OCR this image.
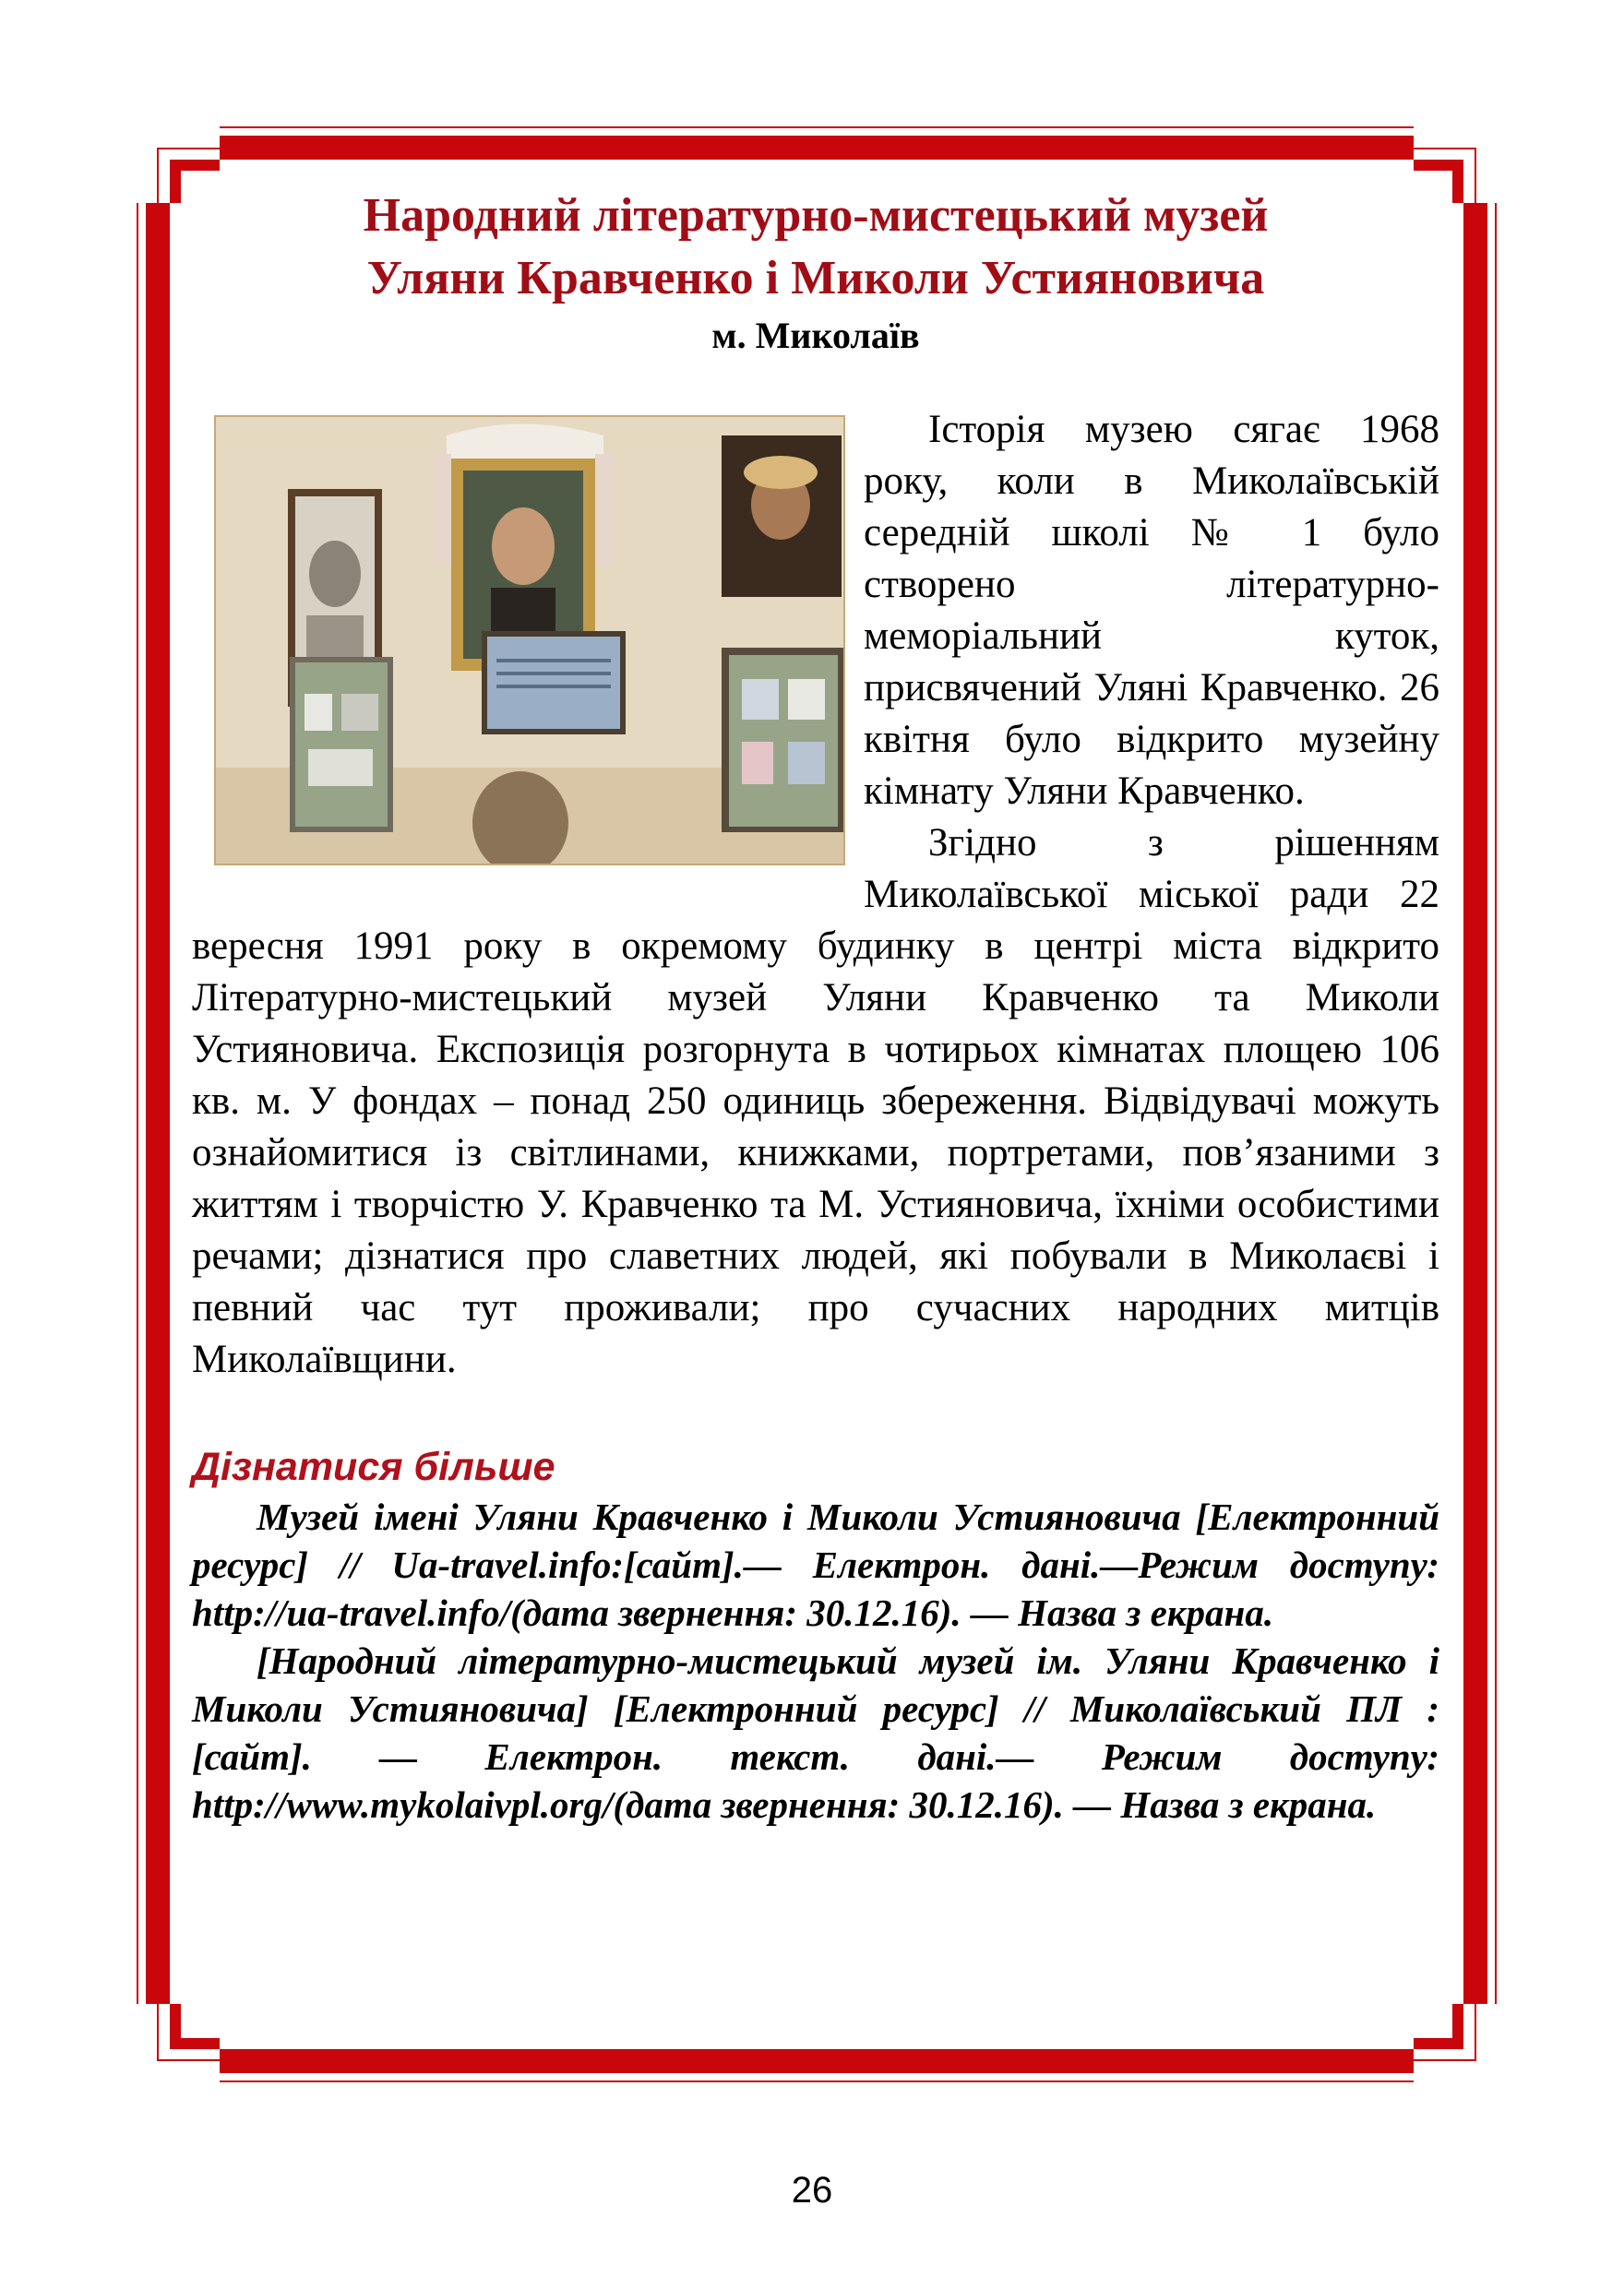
Народний літературно-мистецький музей
Уляни Кравченко і Миколи Устияновича
м. Миколаїв

Історія музею сягає 1968 року, коли в Миколаївській середній школі № 1 було створено літературно-меморіальний куток, присвячений Уляні Кравченко. 26 квітня було відкрито музейну кімнату Уляни Кравченко.

Згідно з рішенням Миколаївської міської ради 22 вересня 1991 року в окремому будинку в центрі міста відкрито Літературно-мистецький музей Уляни Кравченко та Миколи Устияновича. Експозиція розгорнута в чотирьох кімнатах площею 106 кв. м. У фондах – понад 250 одиниць збереження. Відвідувачі можуть ознайомитися із світлинами, книжками, портретами, пов’язаними з життям і творчістю У. Кравченко та М. Устияновича, їхніми особистими речами; дізнатися про славетних людей, які побували в Миколаєві і певний час тут проживали; про сучасних народних митців Миколаївщини.

Дізнатися більше

Музей імені Уляни Кравченко і Миколи Устияновича [Електронний ресурс] // Ua-travel.info:[сайт].— Електрон. дані.—Режим доступу: http://ua-travel.info/(дата звернення: 30.12.16). — Назва з екрана.

[Народний літературно-мистецький музей ім. Уляни Кравченко і Миколи Устияновича] [Електронний ресурс] // Миколаївський ПЛ : [сайт]. — Електрон. текст. дані.— Режим доступу: http://www.mykolaivpl.org/(дата звернення: 30.12.16). — Назва з екрана.

26
